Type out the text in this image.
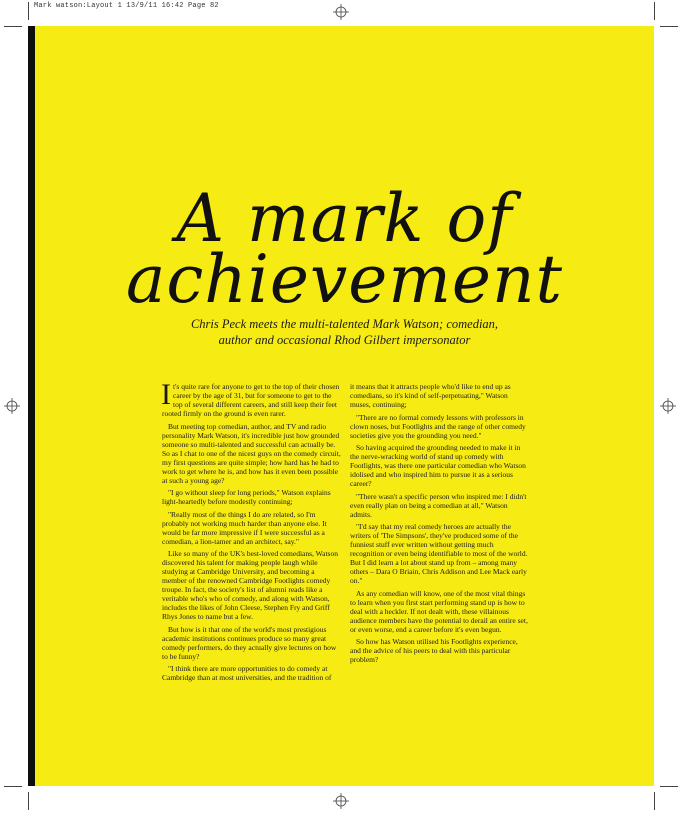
Mark watson:Layout 1 13/9/11 16:42 Page 82
A mark of
achievement
Chris Peck meets the multi-talented Mark Watson; comedian,
author and occasional Rhod Gilbert impersonator

It's quite rare for anyone to get to the top of their chosen career by the age of 31, but for someone to get to the top of several different careers, and still keep their feet rooted firmly on the ground is even rarer.

But meeting top comedian, author, and TV and radio personality Mark Watson, it's incredible just how grounded someone so multi-talented and successful can actually be. So as I chat to one of the nicest guys on the comedy circuit, my first questions are quite simple; how hard has he had to work to get where he is, and how has it even been possible at such a young age?

"I go without sleep for long periods," Watson explains light-heartedly before modestly continuing;

"Really most of the things I do are related, so I'm probably not working much harder than anyone else. It would be far more impressive if I were successful as a comedian, a lion-tamer and an architect, say."

Like so many of the UK's best-loved comedians, Watson discovered his talent for making people laugh while studying at Cambridge University, and becoming a member of the renowned Cambridge Footlights comedy troupe. In fact, the society's list of alumni reads like a veritable who's who of comedy, and along with Watson, includes the likes of John Cleese, Stephen Fry and Griff Rhys Jones to name but a few.

But how is it that one of the world's most prestigious academic institutions continues produce so many great comedy performers, do they actually give lectures on how to be funny?

"I think there are more opportunities to do comedy at Cambridge than at most universities, and the tradition of

it means that it attracts people who'd like to end up as comedians, so it's kind of self-perpetuating," Watson muses, continuing;

"There are no formal comedy lessons with professors in clown noses, but Footlights and the range of other comedy societies give you the grounding you need."

So having acquired the grounding needed to make it in the nerve-wracking world of stand up comedy with Footlights, was there one particular comedian who Watson idolised and who inspired him to pursue it as a serious career?

"There wasn't a specific person who inspired me: I didn't even really plan on being a comedian at all," Watson admits.

"I'd say that my real comedy heroes are actually the writers of 'The Simpsons', they've produced some of the funniest stuff ever written without getting much recognition or even being identifiable to most of the world. But I did learn a lot about stand up from – among many others – Dara O Briain, Chris Addison and Lee Mack early on."

As any comedian will know, one of the most vital things to learn when you first start performing stand up is how to deal with a heckler. If not dealt with, these villainous audience members have the potential to derail an entire set, or even worse, end a career before it's even begun.

So how has Watson utilised his Footlights experience, and the advice of his peers to deal with this particular problem?
